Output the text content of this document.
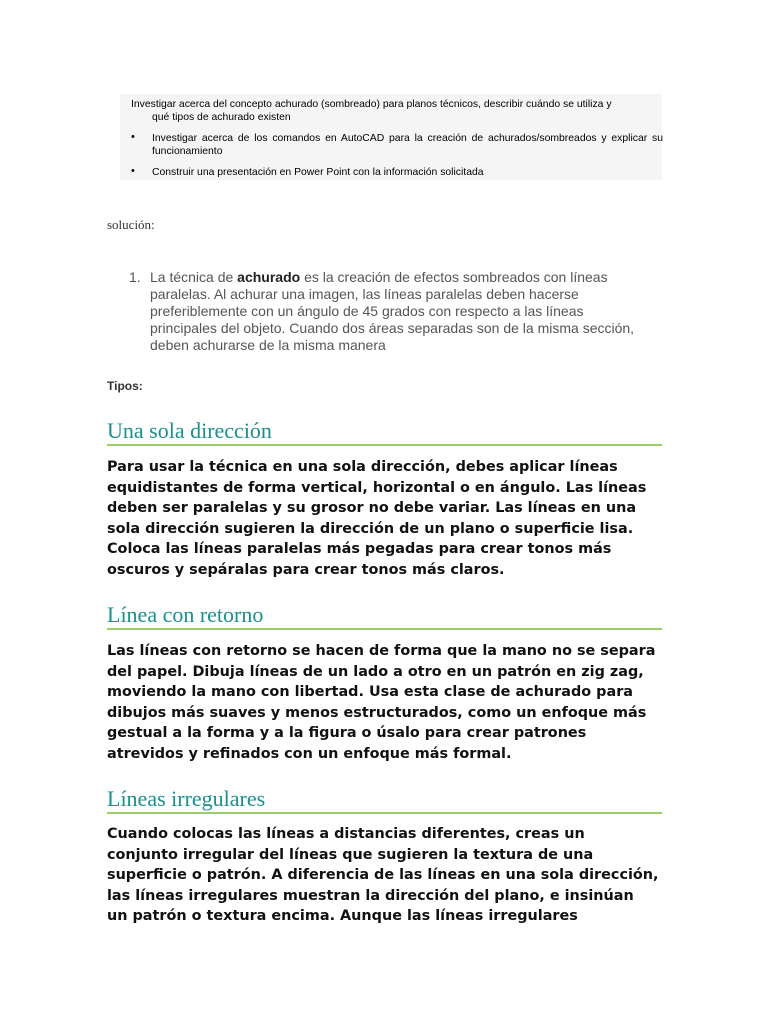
Investigar acerca del concepto achurado (sombreado) para planos técnicos, describir cuándo se utiliza y
qué tipos de achurado existen

• Investigar acerca de los comandos en AutoCAD para la creación de achurados/sombreados y explicar su funcionamiento
• Construir una presentación en Power Point con la información solicitada

solución:

1. La técnica de achurado es la creación de efectos sombreados con líneas paralelas. Al achurar una imagen, las líneas paralelas deben hacerse preferiblemente con un ángulo de 45 grados con respecto a las líneas principales del objeto. Cuando dos áreas separadas son de la misma sección, deben achurarse de la misma manera

Tipos:

Una sola dirección

Para usar la técnica en una sola dirección, debes aplicar líneas equidistantes de forma vertical, horizontal o en ángulo. Las líneas deben ser paralelas y su grosor no debe variar. Las líneas en una sola dirección sugieren la dirección de un plano o superficie lisa. Coloca las líneas paralelas más pegadas para crear tonos más oscuros y sepáralas para crear tonos más claros.

Línea con retorno

Las líneas con retorno se hacen de forma que la mano no se separa del papel. Dibuja líneas de un lado a otro en un patrón en zig zag, moviendo la mano con libertad. Usa esta clase de achurado para dibujos más suaves y menos estructurados, como un enfoque más gestual a la forma y a la figura o úsalo para crear patrones atrevidos y refinados con un enfoque más formal.

Líneas irregulares

Cuando colocas las líneas a distancias diferentes, creas un conjunto irregular del líneas que sugieren la textura de una superficie o patrón. A diferencia de las líneas en una sola dirección, las líneas irregulares muestran la dirección del plano, e insinúan un patrón o textura encima. Aunque las líneas irregulares
